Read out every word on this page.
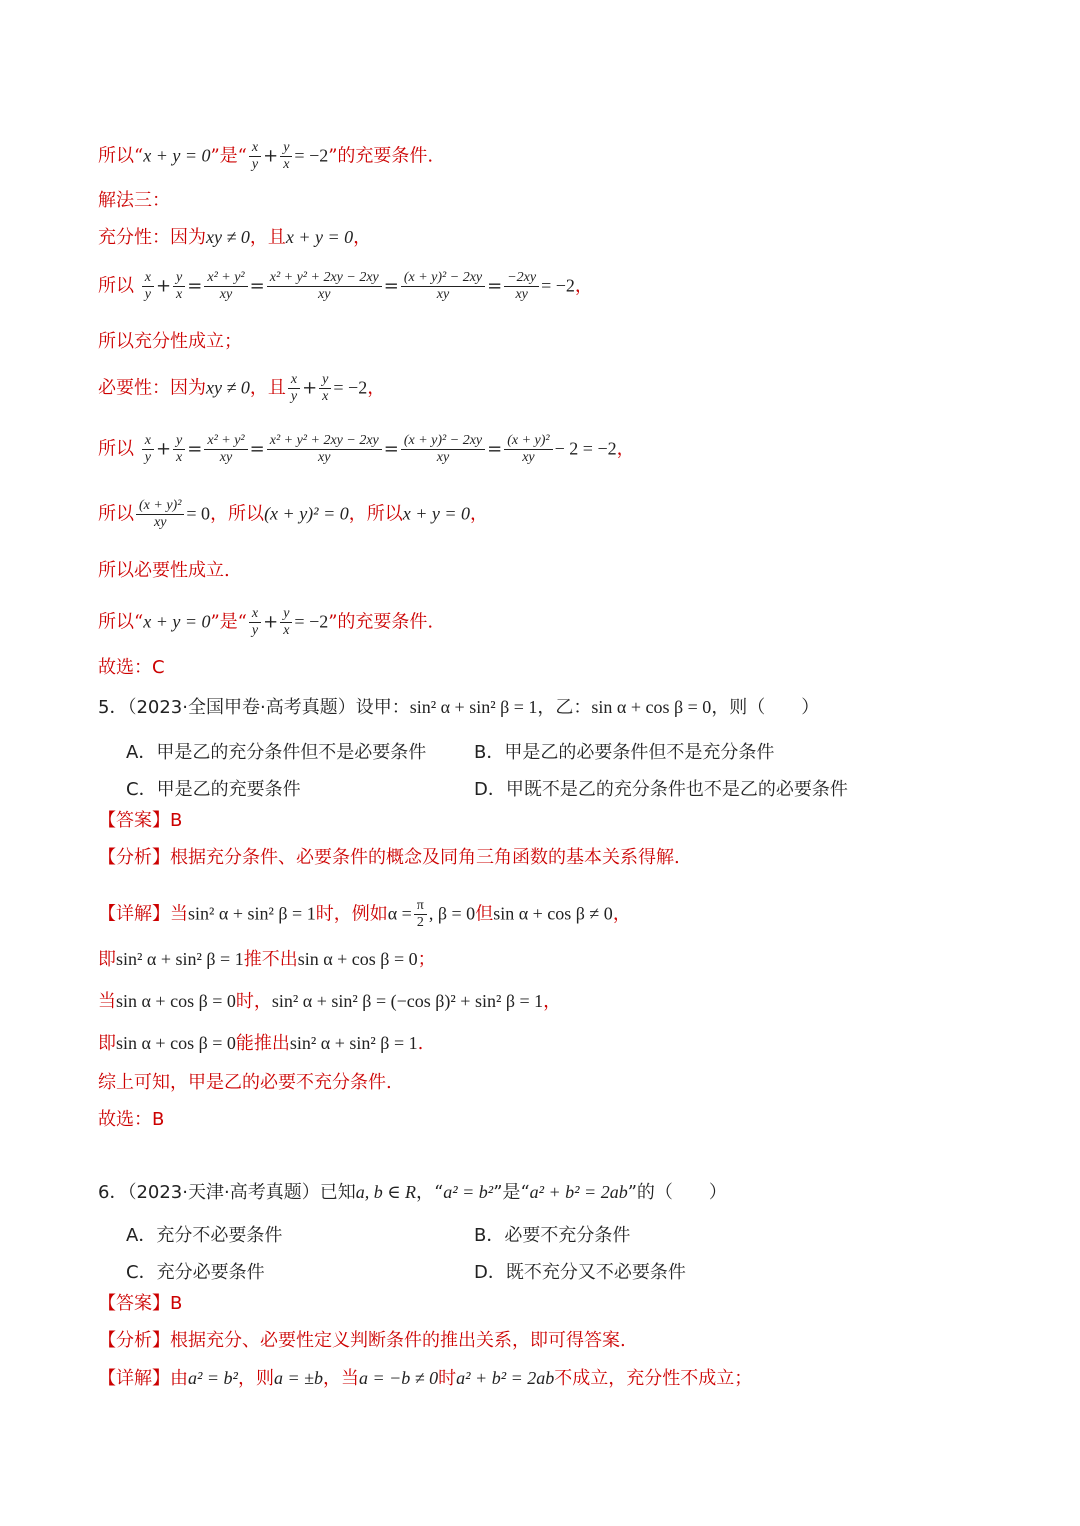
所以“x + y = 0”是“ $\frac{x}{y} + \frac{y}{x} = -2$”的充要条件.
解法三：
充分性：因为xy ≠ 0，且x + y = 0，
所以 $\frac{x}{y} + \frac{y}{x} = \frac{\text{x² + y²}}{xy} = \frac{\text{x² + y² + 2xy − 2xy}}{xy} = \frac{\text{(x + y)² − 2xy}}{xy} = \frac{-2xy}{xy} = -2$，
所以充分性成立；
必要性：因为xy ≠ 0，且 $\frac{x}{y} + \frac{y}{x} = -2$，
所以 $\frac{x}{y} + \frac{y}{x} = \frac{\text{x² + y²}}{xy} = \frac{\text{x² + y² + 2xy − 2xy}}{xy} = \frac{\text{(x + y)² − 2xy}}{xy} = \frac{\text{(x + y)²}}{xy} - 2 = -2$，
所以 $\frac{\text{(x + y)²}}{xy} = 0$，所以(x + y)² = 0，所以x + y = 0，
所以必要性成立.
所以“x + y = 0”是“ $\frac{x}{y} + \frac{y}{x} = -2$”的充要条件.
故选：C
5．（2023·全国甲卷·高考真题）设甲：sin² α + sin² β = 1，乙：sin α + cos β = 0，则（　　）
A．甲是乙的充分条件但不是必要条件	B．甲是乙的必要条件但不是充分条件
C．甲是乙的充要条件	D．甲既不是乙的充分条件也不是乙的必要条件
【答案】B
【分析】根据充分条件、必要条件的概念及同角三角函数的基本关系得解.
【详解】当sin² α + sin² β = 1时，例如$\alpha = \frac{\pi}{2}$ , β = 0但sin α + cos β ≠ 0，
即sin² α + sin² β = 1推不出sin α + cos β = 0；
当sin α + cos β = 0时，sin² α + sin² β = (−cos β)² + sin² β = 1，
即sin α + cos β = 0能推出sin² α + sin² β = 1.
综上可知，甲是乙的必要不充分条件.
故选：B
6．（2023·天津·高考真题）已知a, b ∈ R，“a² = b²”是“a² + b² = 2ab”的（　　）
A．充分不必要条件	B．必要不充分条件
C．充分必要条件	D．既不充分又不必要条件
【答案】B
【分析】根据充分、必要性定义判断条件的推出关系，即可得答案.
【详解】由a² = b²，则a = ±b，当a = −b ≠ 0时a² + b² = 2ab不成立，充分性不成立；
